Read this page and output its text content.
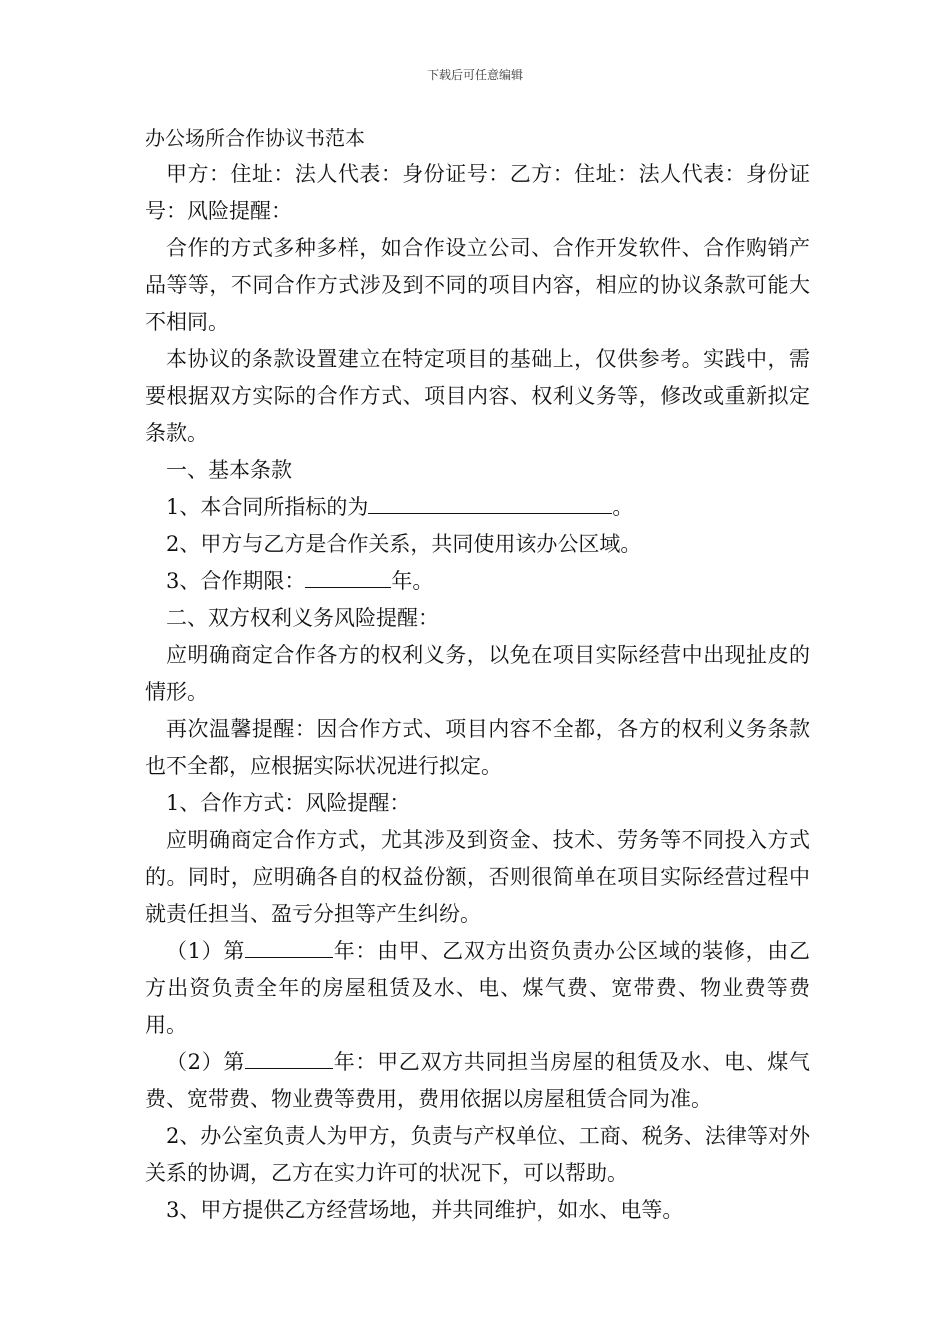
下载后可任意编辑

办公场所合作协议书范本

甲方：住址：法人代表：身份证号：乙方：住址：法人代表：身份证号：风险提醒：

合作的方式多种多样，如合作设立公司、合作开发软件、合作购销产品等等，不同合作方式涉及到不同的项目内容，相应的协议条款可能大不相同。

本协议的条款设置建立在特定项目的基础上，仅供参考。实践中，需要根据双方实际的合作方式、项目内容、权利义务等，修改或重新拟定条款。

一、基本条款

1、本合同所指标的为	。

2、甲方与乙方是合作关系，共同使用该办公区域。

3、合作期限：	年。

二、双方权利义务风险提醒：

应明确商定合作各方的权利义务，以免在项目实际经营中出现扯皮的情形。

再次温馨提醒：因合作方式、项目内容不全都，各方的权利义务条款也不全都，应根据实际状况进行拟定。

1、合作方式：风险提醒：

应明确商定合作方式，尤其涉及到资金、技术、劳务等不同投入方式的。同时，应明确各自的权益份额，否则很简单在项目实际经营过程中就责任担当、盈亏分担等产生纠纷。

（1）第	年：由甲、乙双方出资负责办公区域的装修，由乙方出资负责全年的房屋租赁及水、电、煤气费、宽带费、物业费等费用。

（2）第	年：甲乙双方共同担当房屋的租赁及水、电、煤气费、宽带费、物业费等费用，费用依据以房屋租赁合同为准。

2、办公室负责人为甲方，负责与产权单位、工商、税务、法律等对外关系的协调，乙方在实力许可的状况下，可以帮助。

3、甲方提供乙方经营场地，并共同维护，如水、电等。
